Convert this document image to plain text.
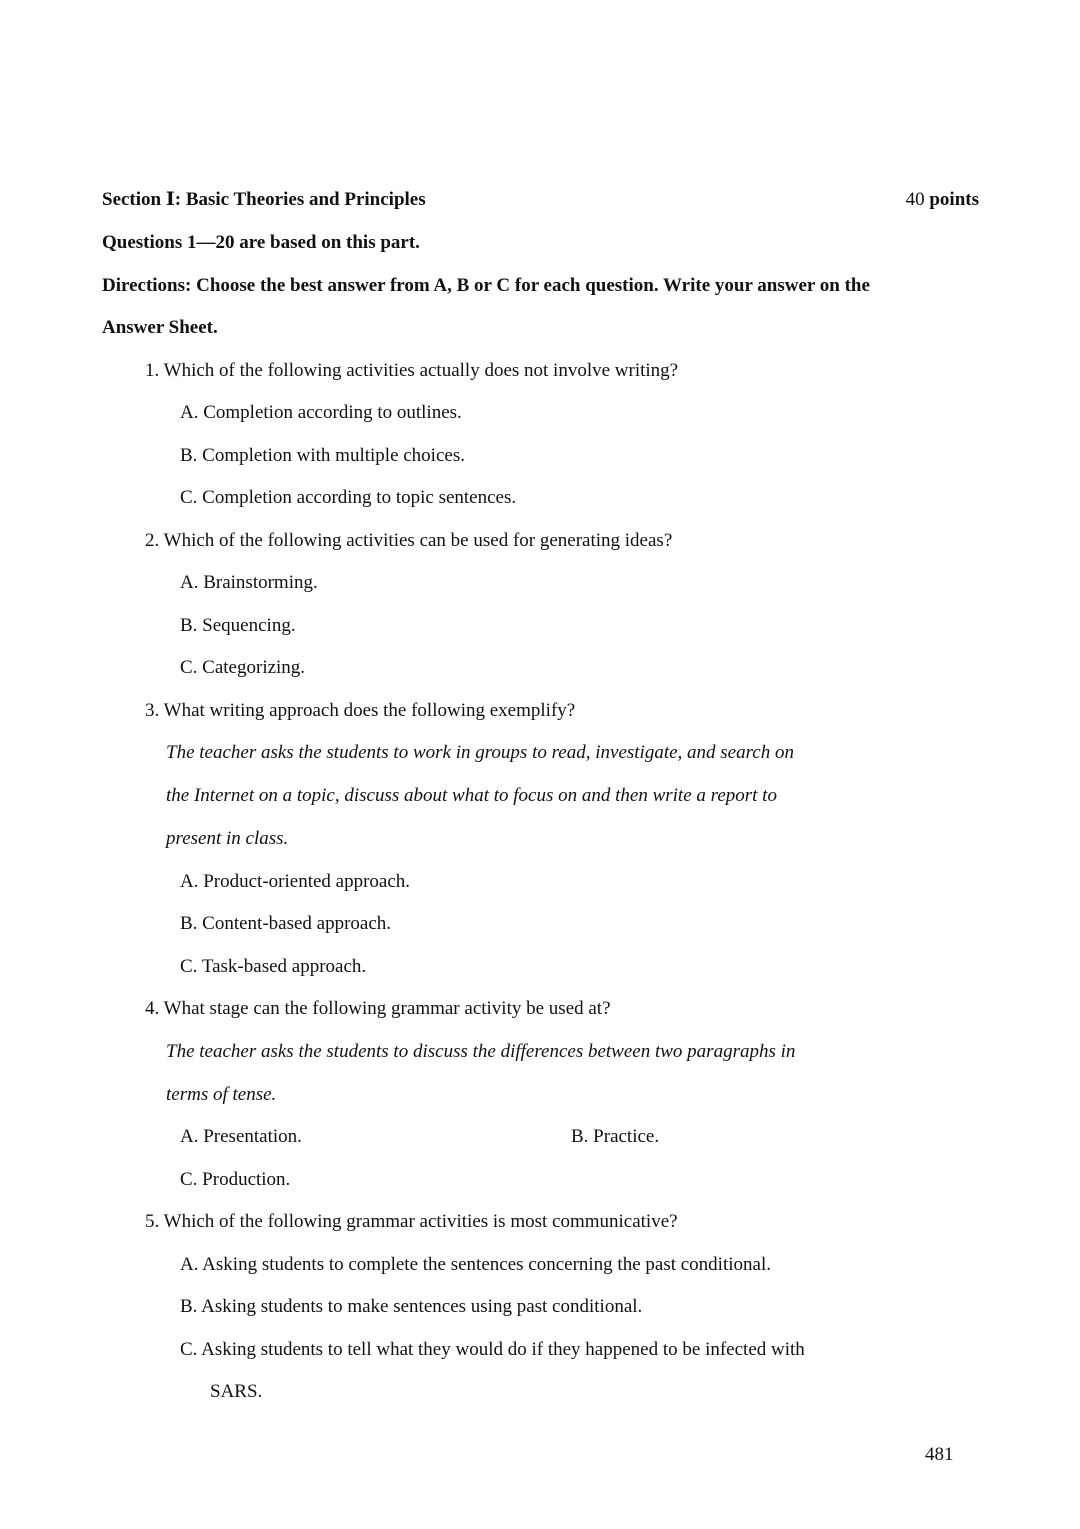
Section Ⅰ: Basic Theories and Principles	40 points
Questions 1—20 are based on this part.
Directions: Choose the best answer from A, B or C for each question. Write your answer on the
Answer Sheet.
1. Which of the following activities actually does not involve writing?
A. Completion according to outlines.
B. Completion with multiple choices.
C. Completion according to topic sentences.
2. Which of the following activities can be used for generating ideas?
A. Brainstorming.
B. Sequencing.
C. Categorizing.
3. What writing approach does the following exemplify?
The teacher asks the students to work in groups to read, investigate, and search on
the Internet on a topic, discuss about what to focus on and then write a report to
present in class.
A. Product-oriented approach.
B. Content-based approach.
C. Task-based approach.
4. What stage can the following grammar activity be used at?
The teacher asks the students to discuss the differences between two paragraphs in
terms of tense.
A. Presentation.	B. Practice.
C. Production.
5. Which of the following grammar activities is most communicative?
A. Asking students to complete the sentences concerning the past conditional.
B. Asking students to make sentences using past conditional.
C. Asking students to tell what they would do if they happened to be infected with
SARS.
481
